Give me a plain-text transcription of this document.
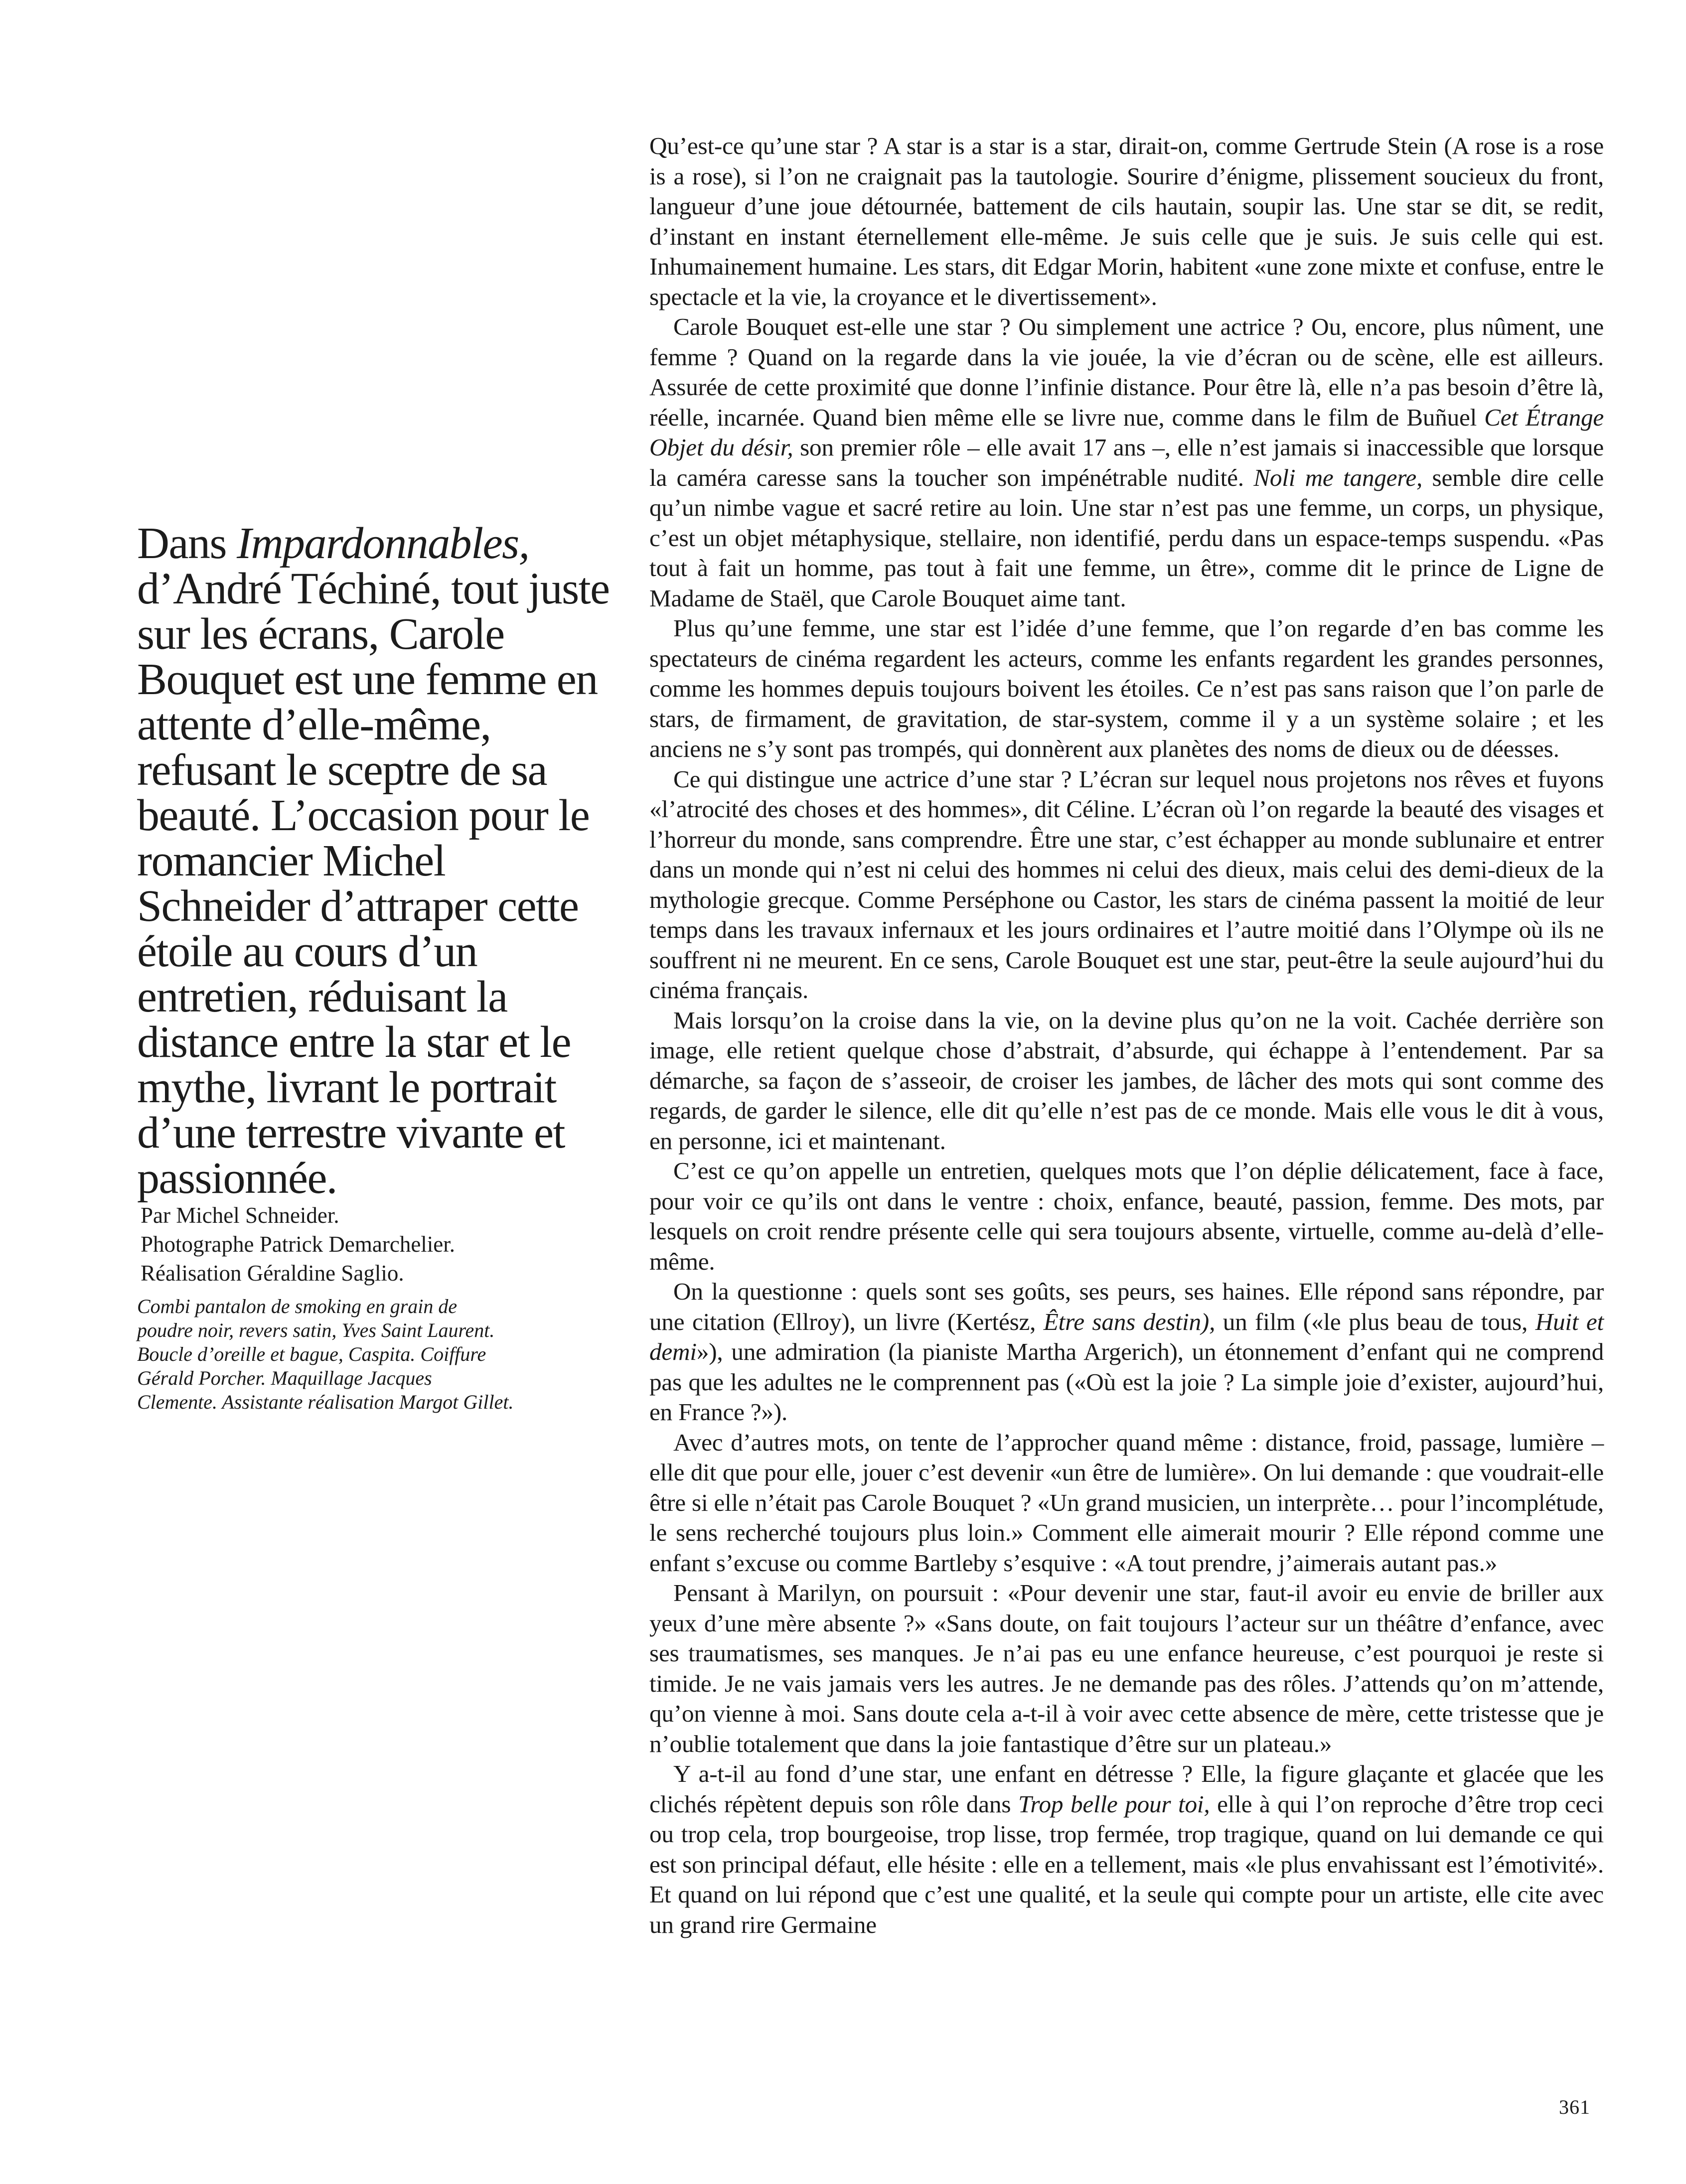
Dans Impardonnables, d’André Téchiné, tout juste sur les écrans, Carole Bouquet est une femme en attente d’elle-même, refusant le sceptre de sa beauté. L’occasion pour le romancier Michel Schneider d’attraper cette étoile au cours d’un entretien, réduisant la distance entre la star et le mythe, livrant le portrait d’une terrestre vivante et passionnée.

Par Michel Schneider.
Photographe Patrick Demarchelier.
Réalisation Géraldine Saglio.
Combi pantalon de smoking en grain de poudre noir, revers satin, Yves Saint Laurent. Boucle d’oreille et bague, Caspita. Coiffure Gérald Porcher. Maquillage Jacques Clemente. Assistante réalisation Margot Gillet.

Qu’est-ce qu’une star ? A star is a star is a star, dirait-on, comme Gertrude Stein (A rose is a rose is a rose), si l’on ne craignait pas la tautologie. Sourire d’énigme, plissement soucieux du front, langueur d’une joue détournée, battement de cils hautain, soupir las. Une star se dit, se redit, d’instant en instant éternellement elle-même. Je suis celle que je suis. Je suis celle qui est. Inhumainement humaine. Les stars, dit Edgar Morin, habitent «une zone mixte et confuse, entre le spectacle et la vie, la croyance et le divertissement».

Carole Bouquet est-elle une star ? Ou simplement une actrice ? Ou, encore, plus nûment, une femme ? Quand on la regarde dans la vie jouée, la vie d’écran ou de scène, elle est ailleurs. Assurée de cette proximité que donne l’infinie distance. Pour être là, elle n’a pas besoin d’être là, réelle, incarnée. Quand bien même elle se livre nue, comme dans le film de Buñuel Cet Étrange Objet du désir, son premier rôle – elle avait 17 ans –, elle n’est jamais si inaccessible que lorsque la caméra caresse sans la toucher son impénétrable nudité. Noli me tangere, semble dire celle qu’un nimbe vague et sacré retire au loin. Une star n’est pas une femme, un corps, un physique, c’est un objet métaphysique, stellaire, non identifié, perdu dans un espace-temps suspendu. «Pas tout à fait un homme, pas tout à fait une femme, un être», comme dit le prince de Ligne de Madame de Staël, que Carole Bouquet aime tant.

Plus qu’une femme, une star est l’idée d’une femme, que l’on regarde d’en bas comme les spectateurs de cinéma regardent les acteurs, comme les enfants regardent les grandes personnes, comme les hommes depuis toujours boivent les étoiles. Ce n’est pas sans raison que l’on parle de stars, de firmament, de gravitation, de star-system, comme il y a un système solaire ; et les anciens ne s’y sont pas trompés, qui donnèrent aux planètes des noms de dieux ou de déesses.

Ce qui distingue une actrice d’une star ? L’écran sur lequel nous projetons nos rêves et fuyons «l’atrocité des choses et des hommes», dit Céline. L’écran où l’on regarde la beauté des visages et l’horreur du monde, sans comprendre. Être une star, c’est échapper au monde sublunaire et entrer dans un monde qui n’est ni celui des hommes ni celui des dieux, mais celui des demi-dieux de la mythologie grecque. Comme Perséphone ou Castor, les stars de cinéma passent la moitié de leur temps dans les travaux infernaux et les jours ordinaires et l’autre moitié dans l’Olympe où ils ne souffrent ni ne meurent. En ce sens, Carole Bouquet est une star, peut-être la seule aujourd’hui du cinéma français.

Mais lorsqu’on la croise dans la vie, on la devine plus qu’on ne la voit. Cachée derrière son image, elle retient quelque chose d’abstrait, d’absurde, qui échappe à l’entendement. Par sa démarche, sa façon de s’asseoir, de croiser les jambes, de lâcher des mots qui sont comme des regards, de garder le silence, elle dit qu’elle n’est pas de ce monde. Mais elle vous le dit à vous, en personne, ici et maintenant.

C’est ce qu’on appelle un entretien, quelques mots que l’on déplie délicatement, face à face, pour voir ce qu’ils ont dans le ventre : choix, enfance, beauté, passion, femme. Des mots, par lesquels on croit rendre présente celle qui sera toujours absente, virtuelle, comme au-delà d’elle-même.

On la questionne : quels sont ses goûts, ses peurs, ses haines. Elle répond sans répondre, par une citation (Ellroy), un livre (Kertész, Être sans destin), un film («le plus beau de tous, Huit et demi»), une admiration (la pianiste Martha Argerich), un étonnement d’enfant qui ne comprend pas que les adultes ne le comprennent pas («Où est la joie ? La simple joie d’exister, aujourd’hui, en France ?»).

Avec d’autres mots, on tente de l’approcher quand même : distance, froid, passage, lumière – elle dit que pour elle, jouer c’est devenir «un être de lumière». On lui demande : que voudrait-elle être si elle n’était pas Carole Bouquet ? «Un grand musicien, un interprète… pour l’incomplétude, le sens recherché toujours plus loin.» Comment elle aimerait mourir ? Elle répond comme une enfant s’excuse ou comme Bartleby s’esquive : «A tout prendre, j’aimerais autant pas.»

Pensant à Marilyn, on poursuit : «Pour devenir une star, faut-il avoir eu envie de briller aux yeux d’une mère absente ?» «Sans doute, on fait toujours l’acteur sur un théâtre d’enfance, avec ses traumatismes, ses manques. Je n’ai pas eu une enfance heureuse, c’est pourquoi je reste si timide. Je ne vais jamais vers les autres. Je ne demande pas des rôles. J’attends qu’on m’attende, qu’on vienne à moi. Sans doute cela a-t-il à voir avec cette absence de mère, cette tristesse que je n’oublie totalement que dans la joie fantastique d’être sur un plateau.»

Y a-t-il au fond d’une star, une enfant en détresse ? Elle, la figure glaçante et glacée que les clichés répètent depuis son rôle dans Trop belle pour toi, elle à qui l’on reproche d’être trop ceci ou trop cela, trop bourgeoise, trop lisse, trop fermée, trop tragique, quand on lui demande ce qui est son principal défaut, elle hésite : elle en a tellement, mais «le plus envahissant est l’émotivité». Et quand on lui répond que c’est une qualité, et la seule qui compte pour un artiste, elle cite avec un grand rire Germaine

361
